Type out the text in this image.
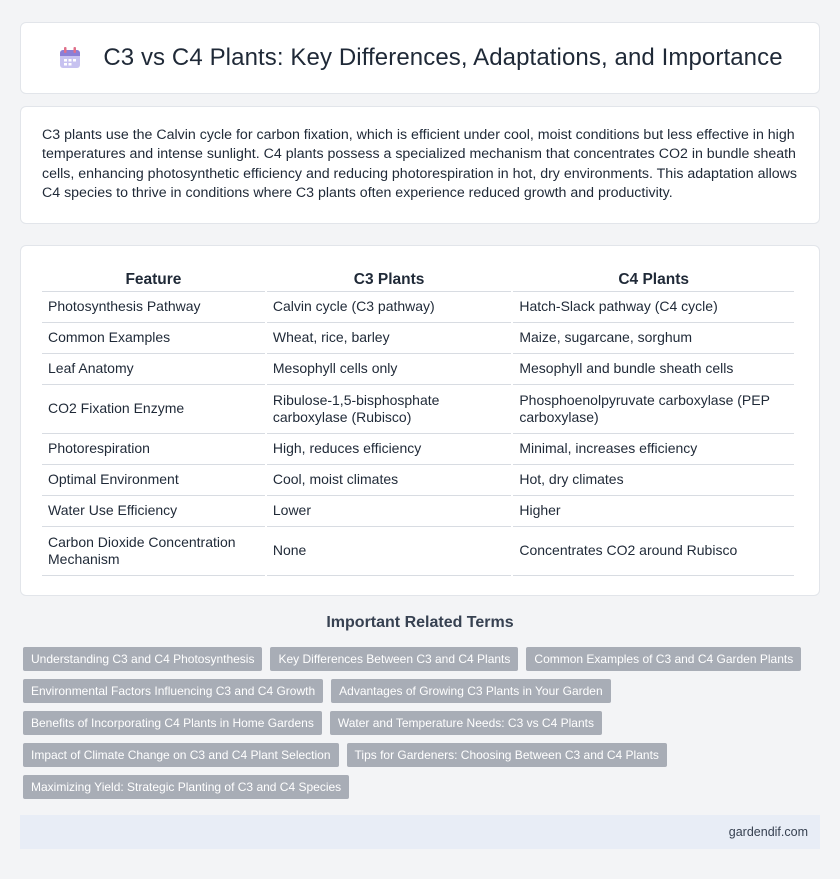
C3 vs C4 Plants: Key Differences, Adaptations, and Importance

C3 plants use the Calvin cycle for carbon fixation, which is efficient under cool, moist conditions but less effective in high temperatures and intense sunlight. C4 plants possess a specialized mechanism that concentrates CO2 in bundle sheath cells, enhancing photosynthetic efficiency and reducing photorespiration in hot, dry environments. This adaptation allows C4 species to thrive in conditions where C3 plants often experience reduced growth and productivity.

Feature	C3 Plants	C4 Plants
Photosynthesis Pathway	Calvin cycle (C3 pathway)	Hatch-Slack pathway (C4 cycle)
Common Examples	Wheat, rice, barley	Maize, sugarcane, sorghum
Leaf Anatomy	Mesophyll cells only	Mesophyll and bundle sheath cells
CO2 Fixation Enzyme	Ribulose-1,5-bisphosphate carboxylase (Rubisco)	Phosphoenolpyruvate carboxylase (PEP carboxylase)
Photorespiration	High, reduces efficiency	Minimal, increases efficiency
Optimal Environment	Cool, moist climates	Hot, dry climates
Water Use Efficiency	Lower	Higher
Carbon Dioxide Concentration Mechanism	None	Concentrates CO2 around Rubisco
Important Related Terms
Understanding C3 and C4 Photosynthesis	Key Differences Between C3 and C4 Plants	Common Examples of C3 and C4 Garden Plants
Environmental Factors Influencing C3 and C4 Growth	Advantages of Growing C3 Plants in Your Garden
Benefits of Incorporating C4 Plants in Home Gardens	Water and Temperature Needs: C3 vs C4 Plants
Impact of Climate Change on C3 and C4 Plant Selection	Tips for Gardeners: Choosing Between C3 and C4 Plants
Maximizing Yield: Strategic Planting of C3 and C4 Species
gardendif.com
